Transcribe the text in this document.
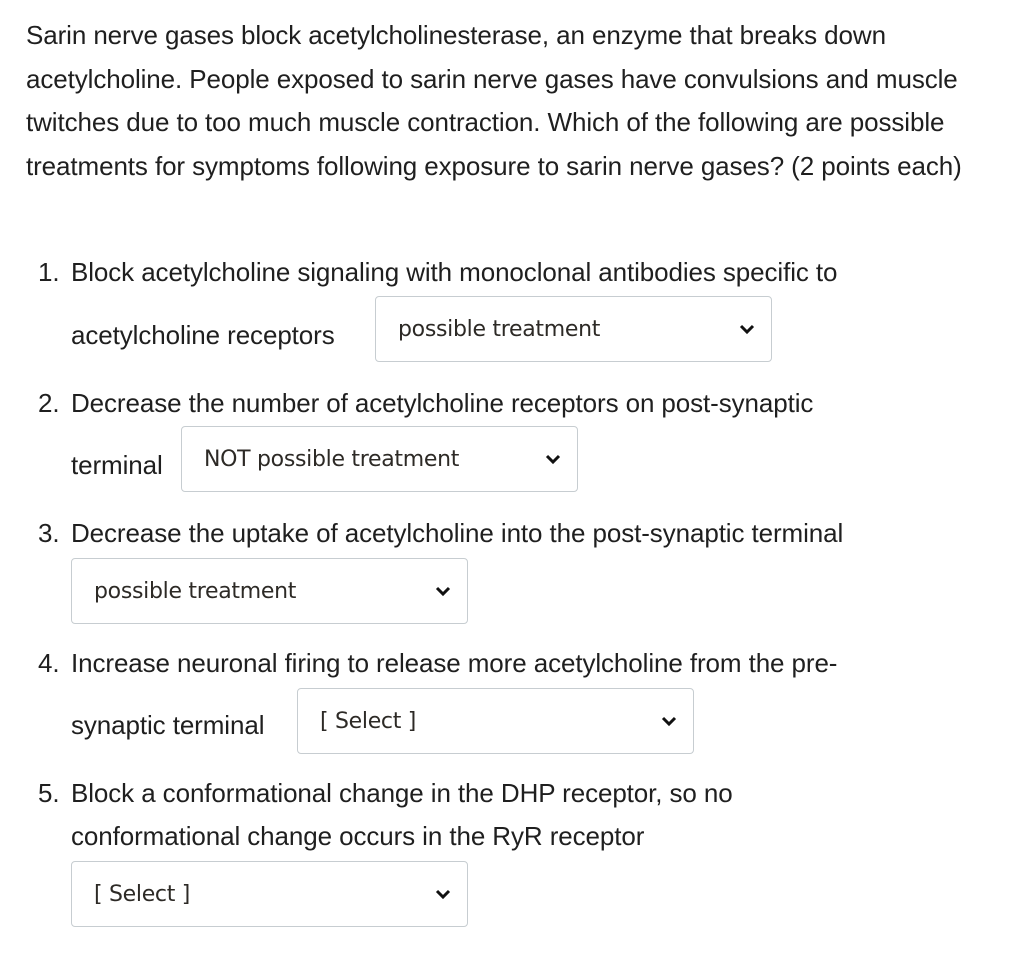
Sarin nerve gases block acetylcholinesterase, an enzyme that breaks down acetylcholine. People exposed to sarin nerve gases have convulsions and muscle twitches due to too much muscle contraction. Which of the following are possible treatments for symptoms following exposure to sarin nerve gases? (2 points each)
1. Block acetylcholine signaling with monoclonal antibodies specific to
acetylcholine receptors	possible treatment
2. Decrease the number of acetylcholine receptors on post-synaptic
terminal NOT possible treatment
3. Decrease the uptake of acetylcholine into the post-synaptic terminal
possible treatment
4. Increase neuronal firing to release more acetylcholine from the pre-
synaptic terminal	[ Select ]
5. Block a conformational change in the DHP receptor, so no
conformational change occurs in the RyR receptor
[ Select ]
